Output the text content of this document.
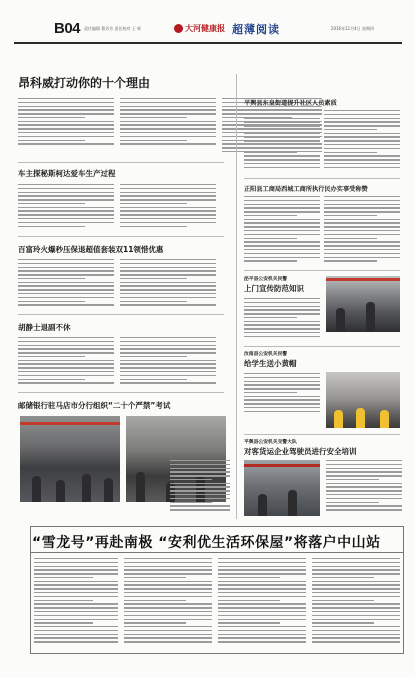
B04 责任编辑 曹芳芳 责任校对 王 晖	大河健康报 超薄阅读	2016年11月4日 星期四
昂科威打动你的十个理由
车主探秘斯柯达爱车生产过程
百富玲火爆秒压保退超值套装双11领惜优惠
胡静士退副不休
邮储银行驻马店市分行组织“二十个严禁”考试
平舆县东皇街道提升社区人员素质
正阳县工商局西城工商所执行民办实事受称赞
泌平县公安机关民警
上门宣传防范知识
汝南县公安机关民警
给学生送小黄帽
平舆县公安机关交警大队
对客货运企业驾驶员进行安全培训
“雪龙号”再赴南极 “安利优生活环保屋”将落户中山站
